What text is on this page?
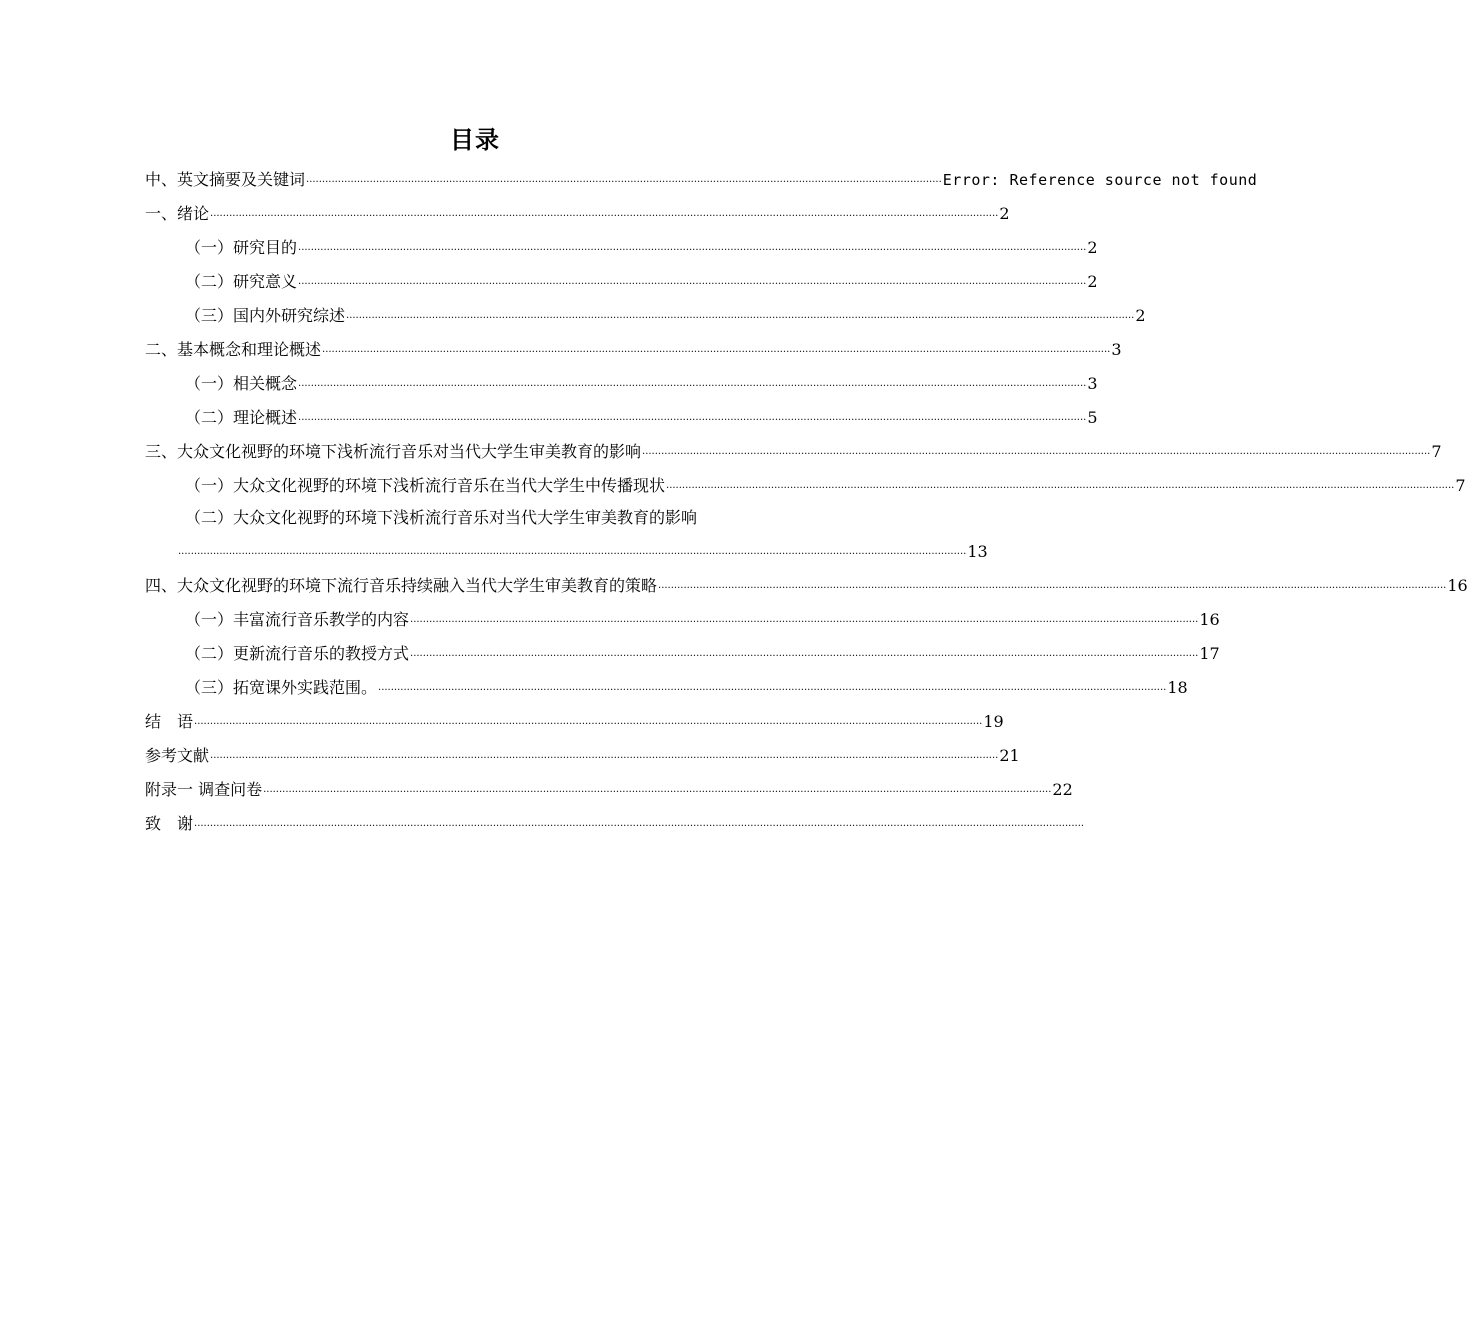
目录
中、英文摘要及关键词 ........................................................................................................................................................................................................ Error: Reference source not found
一、绪论 ........................................................................................................................................................................................................................................................ 2
（一）研究目的 ........................................................................................................................................................................................................................................................ 2
（二）研究意义 ........................................................................................................................................................................................................................................................ 2
（三）国内外研究综述 ........................................................................................................................................................................................................................................................ 2
二、基本概念和理论概述 ........................................................................................................................................................................................................................................................ 3
（一）相关概念 ........................................................................................................................................................................................................................................................ 3
（二）理论概述 ........................................................................................................................................................................................................................................................ 5
三、大众文化视野的环境下浅析流行音乐对当代大学生审美教育的影响 ........................................................................................................................................................................................................................................................ 7
（一）大众文化视野的环境下浅析流行音乐在当代大学生中传播现状 ........................................................................................................................................................................................................................................................ 7
（二）大众文化视野的环境下浅析流行音乐对当代大学生审美教育的影响
........................................................................................................................................................................................................................................................ 13
四、大众文化视野的环境下流行音乐持续融入当代大学生审美教育的策略 ........................................................................................................................................................................................................................................................ 16
（一）丰富流行音乐教学的内容 ........................................................................................................................................................................................................................................................ 16
（二）更新流行音乐的教授方式 ........................................................................................................................................................................................................................................................ 17
（三）拓宽课外实践范围。 ........................................................................................................................................................................................................................................................ 18
结　语 ........................................................................................................................................................................................................................................................ 19
参考文献 ........................................................................................................................................................................................................................................................ 21
附录一 调查问卷 ........................................................................................................................................................................................................................................................ 22
致　谢 ........................................................................................................................................................................................................................................................................................
